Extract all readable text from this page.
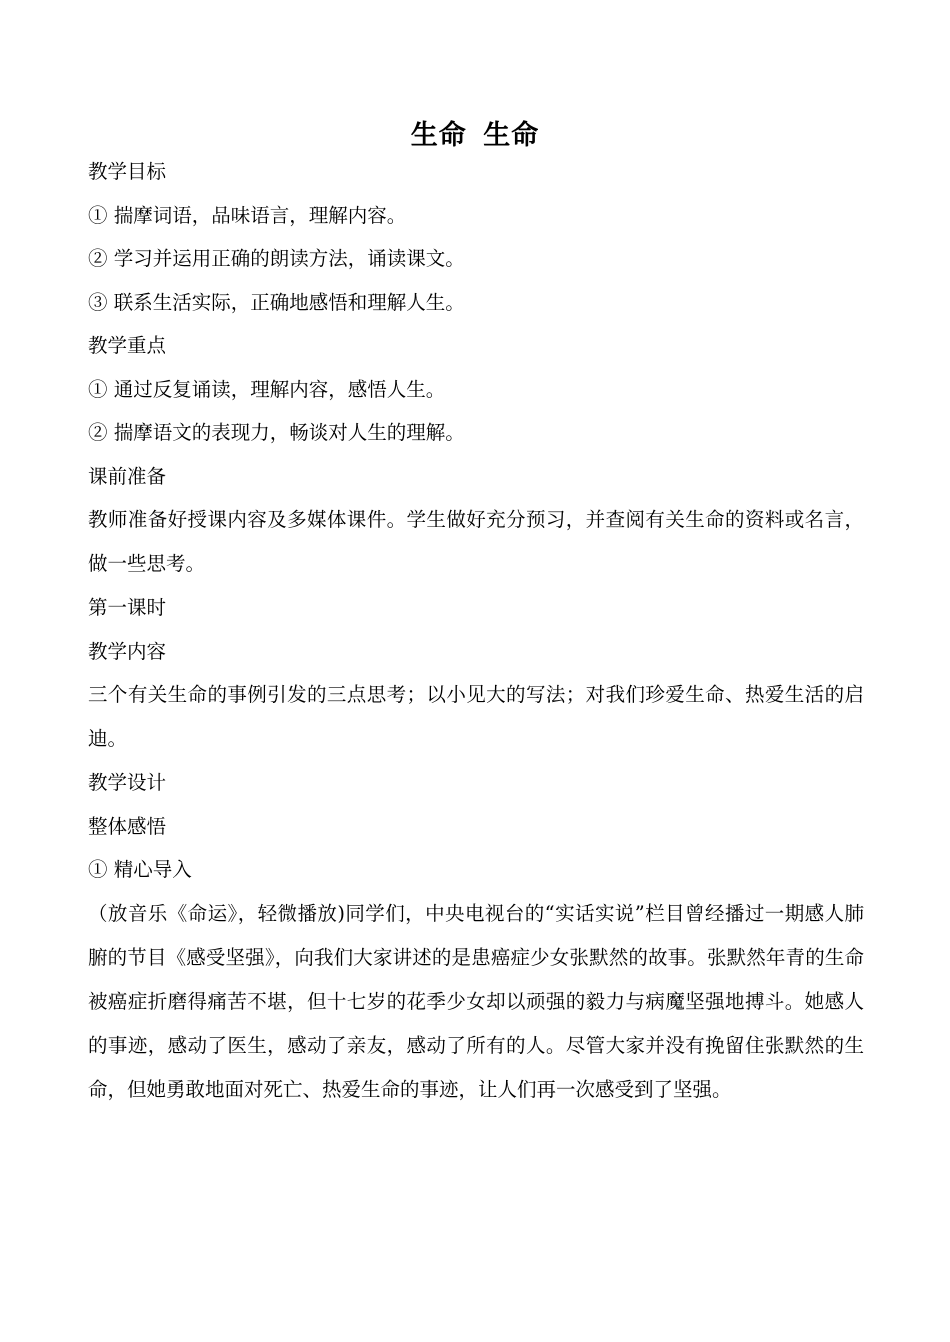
生命 生命

教学目标

① 揣摩词语，品味语言，理解内容。

② 学习并运用正确的朗读方法，诵读课文。

③ 联系生活实际，正确地感悟和理解人生。

教学重点

① 通过反复诵读，理解内容，感悟人生。

② 揣摩语文的表现力，畅谈对人生的理解。

课前准备

教师准备好授课内容及多媒体课件。学生做好充分预习，并查阅有关生命的资料或名言，做一些思考。

第一课时

教学内容

三个有关生命的事例引发的三点思考；以小见大的写法；对我们珍爱生命、热爱生活的启迪。

教学设计

整体感悟

① 精心导入

（放音乐《命运》，轻微播放)同学们，中央电视台的“实话实说”栏目曾经播过一期感人肺腑的节目《感受坚强》，向我们大家讲述的是患癌症少女张默然的故事。张默然年青的生命被癌症折磨得痛苦不堪，但十七岁的花季少女却以顽强的毅力与病魔坚强地搏斗。她感人的事迹，感动了医生，感动了亲友，感动了所有的人。尽管大家并没有挽留住张默然的生命，但她勇敢地面对死亡、热爱生命的事迹，让人们再一次感受到了坚强。
